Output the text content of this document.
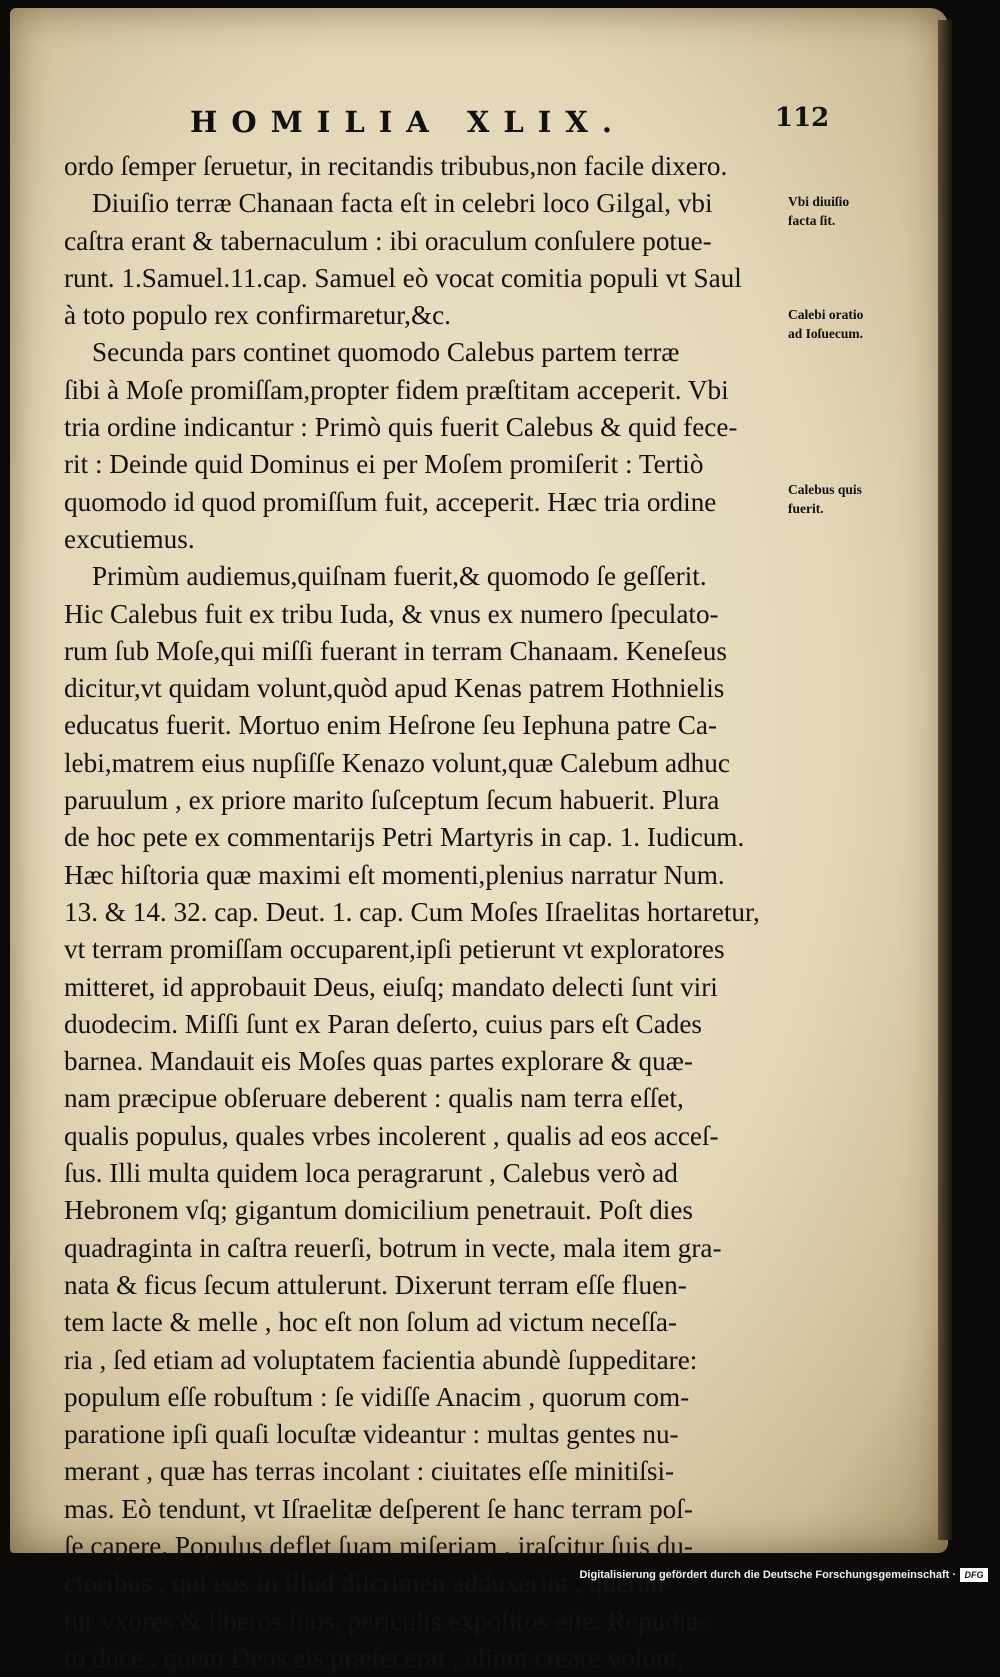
HOMILIA XLIX.	112
ordo ſemper ſeruetur, in recitandis tribubus,non facile dixero.
Diuiſio terræ Chanaan facta eſt in celebri loco Gilgal, vbi
caſtra erant & tabernaculum : ibi oraculum conſulere potue-
runt. 1.Samuel.11.cap. Samuel eò vocat comitia populi vt Saul
à toto populo rex confirmaretur,&c.
Secunda pars continet quomodo Calebus partem terræ
ſibi à Moſe promiſſam,propter fidem præſtitam acceperit. Vbi
tria ordine indicantur : Primò quis fuerit Calebus & quid fece-
rit : Deinde quid Dominus ei per Moſem promiſerit : Tertiò
quomodo id quod promiſſum fuit, acceperit. Hæc tria ordine
excutiemus.
Primùm audiemus,quiſnam fuerit,& quomodo ſe geſſerit.
Hic Calebus fuit ex tribu Iuda, & vnus ex numero ſpeculato-
rum ſub Moſe,qui miſſi fuerant in terram Chanaam. Keneſeus
dicitur,vt quidam volunt,quòd apud Kenas patrem Hothnielis
educatus fuerit. Mortuo enim Heſrone ſeu Iephuna patre Ca-
lebi,matrem eius nupſiſſe Kenazo volunt,quæ Calebum adhuc
paruulum , ex priore marito ſuſceptum ſecum habuerit. Plura
de hoc pete ex commentarijs Petri Martyris in cap. 1. Iudicum.
Hæc hiſtoria quæ maximi eſt momenti,plenius narratur Num.
13. & 14. 32. cap. Deut. 1. cap. Cum Moſes Iſraelitas hortaretur,
vt terram promiſſam occuparent,ipſi petierunt vt exploratores
mitteret, id approbauit Deus, eiuſq; mandato delecti ſunt viri
duodecim. Miſſi ſunt ex Paran deſerto, cuius pars eſt Cades
barnea. Mandauit eis Moſes quas partes explorare & quæ-
nam præcipue obſeruare deberent : qualis nam terra eſſet,
qualis populus, quales vrbes incolerent , qualis ad eos acceſ-
ſus. Illi multa quidem loca peragrarunt , Calebus verò ad
Hebronem vſq; gigantum domicilium penetrauit. Poſt dies
quadraginta in caſtra reuerſi, botrum in vecte, mala item gra-
nata & ficus ſecum attulerunt. Dixerunt terram eſſe fluen-
tem lacte & melle , hoc eſt non ſolum ad victum neceſſa-
ria , ſed etiam ad voluptatem facientia abundè ſuppeditare:
populum eſſe robuſtum : ſe vidiſſe Anacim , quorum com-
paratione ipſi quaſi locuſtæ videantur : multas gentes nu-
merant , quæ has terras incolant : ciuitates eſſe minitiſsi-
mas. Eò tendunt, vt Iſraelitæ deſperent ſe hanc terram poſ-
ſe capere. Populus deflet ſuam miſeriam , iraſcitur ſuis du-
ctoribus , qui eos in illud diſcrimen adduxerint , querun-
tur vxores & liberos ſuos, periculis expoſitos eſſe. Repudia-
to duce , quem Deus eis præfecerat , alium creare volunt,
Vbi diuiſio
facta ſit.
Calebi oratio
ad Ioſuecum.
Calebus quis
fuerit.
Digitalisierung gefördert durch die Deutsche Forschungsgemeinschaft · DFG
